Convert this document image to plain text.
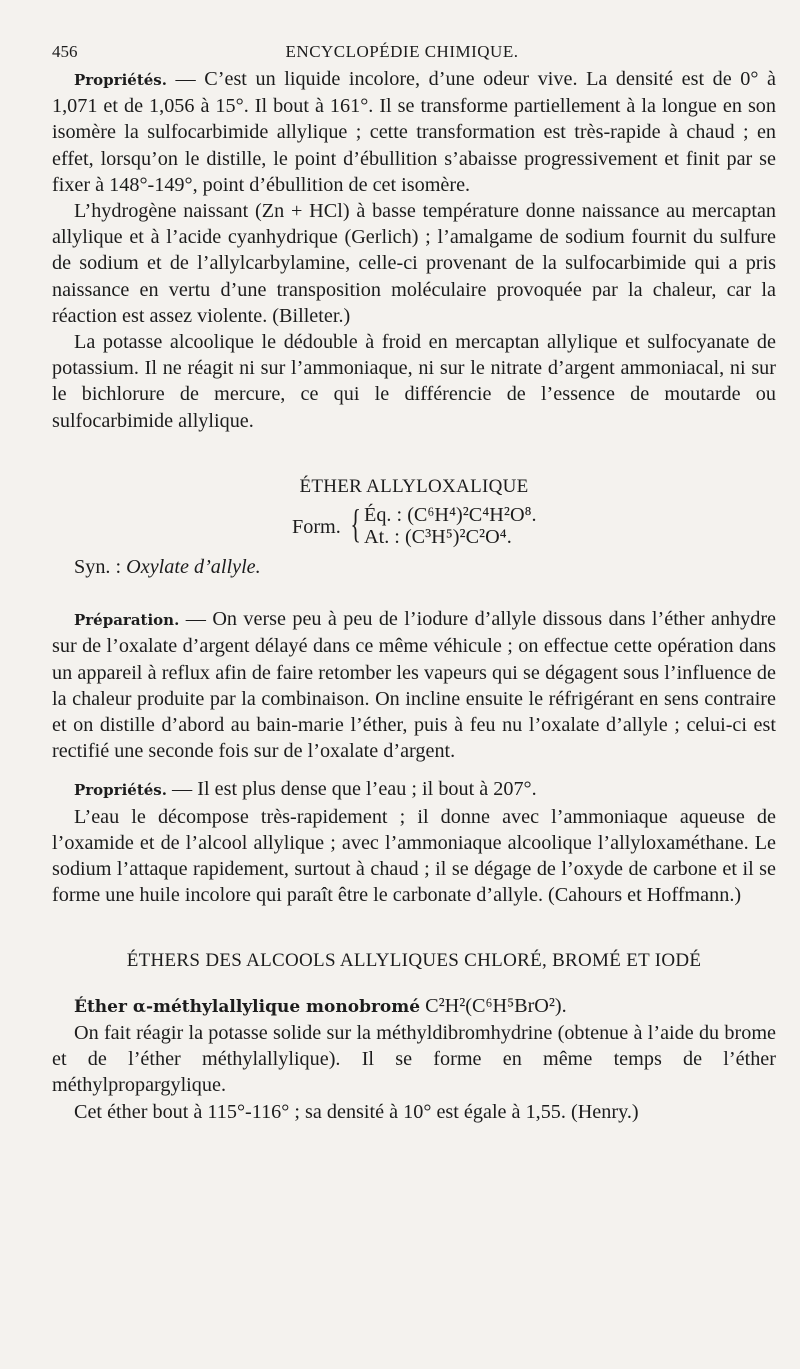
456	ENCYCLOPÉDIE CHIMIQUE.

Propriétés. — C’est un liquide incolore, d’une odeur vive. La densité est de 0° à 1,071 et de 1,056 à 15°. Il bout à 161°. Il se transforme partiellement à la longue en son isomère la sulfocarbimide allylique ; cette transformation est très-rapide à chaud ; en effet, lorsqu’on le distille, le point d’ébullition s’abaisse progressivement et finit par se fixer à 148°-149°, point d’ébullition de cet isomère.

L’hydrogène naissant (Zn + HCl) à basse température donne naissance au mercaptan allylique et à l’acide cyanhydrique (Gerlich) ; l’amalgame de sodium fournit du sulfure de sodium et de l’allylcarbylamine, celle-ci provenant de la sulfocarbimide qui a pris naissance en vertu d’une transposition moléculaire provoquée par la chaleur, car la réaction est assez violente. (Billeter.)

La potasse alcoolique le dédouble à froid en mercaptan allylique et sulfocyanate de potassium. Il ne réagit ni sur l’ammoniaque, ni sur le nitrate d’argent ammoniacal, ni sur le bichlorure de mercure, ce qui le différencie de l’essence de moutarde ou sulfocarbimide allylique.

ÉTHER ALLYLOXALIQUE
Form. { Éq. : (C⁶H⁴)²C⁴H²O⁸.
At. : (C³H⁵)²C²O⁴.

Syn. : Oxylate d’allyle.

Préparation. — On verse peu à peu de l’iodure d’allyle dissous dans l’éther anhydre sur de l’oxalate d’argent délayé dans ce même véhicule ; on effectue cette opération dans un appareil à reflux afin de faire retomber les vapeurs qui se dégagent sous l’influence de la chaleur produite par la combinaison. On incline ensuite le réfrigérant en sens contraire et on distille d’abord au bain-marie l’éther, puis à feu nu l’oxalate d’allyle ; celui-ci est rectifié une seconde fois sur de l’oxalate d’argent.

Propriétés. — Il est plus dense que l’eau ; il bout à 207°.

L’eau le décompose très-rapidement ; il donne avec l’ammoniaque aqueuse de l’oxamide et de l’alcool allylique ; avec l’ammoniaque alcoolique l’allyloxaméthane. Le sodium l’attaque rapidement, surtout à chaud ; il se dégage de l’oxyde de carbone et il se forme une huile incolore qui paraît être le carbonate d’allyle. (Cahours et Hoffmann.)

ÉTHERS DES ALCOOLS ALLYLIQUES CHLORÉ, BROMÉ ET IODÉ

Éther α-méthylallylique monobromé C²H²(C⁶H⁵BrO²).

On fait réagir la potasse solide sur la méthyldibromhydrine (obtenue à l’aide du brome et de l’éther méthylallylique). Il se forme en même temps de l’éther méthylpropargylique.

Cet éther bout à 115°-116° ; sa densité à 10° est égale à 1,55. (Henry.)
